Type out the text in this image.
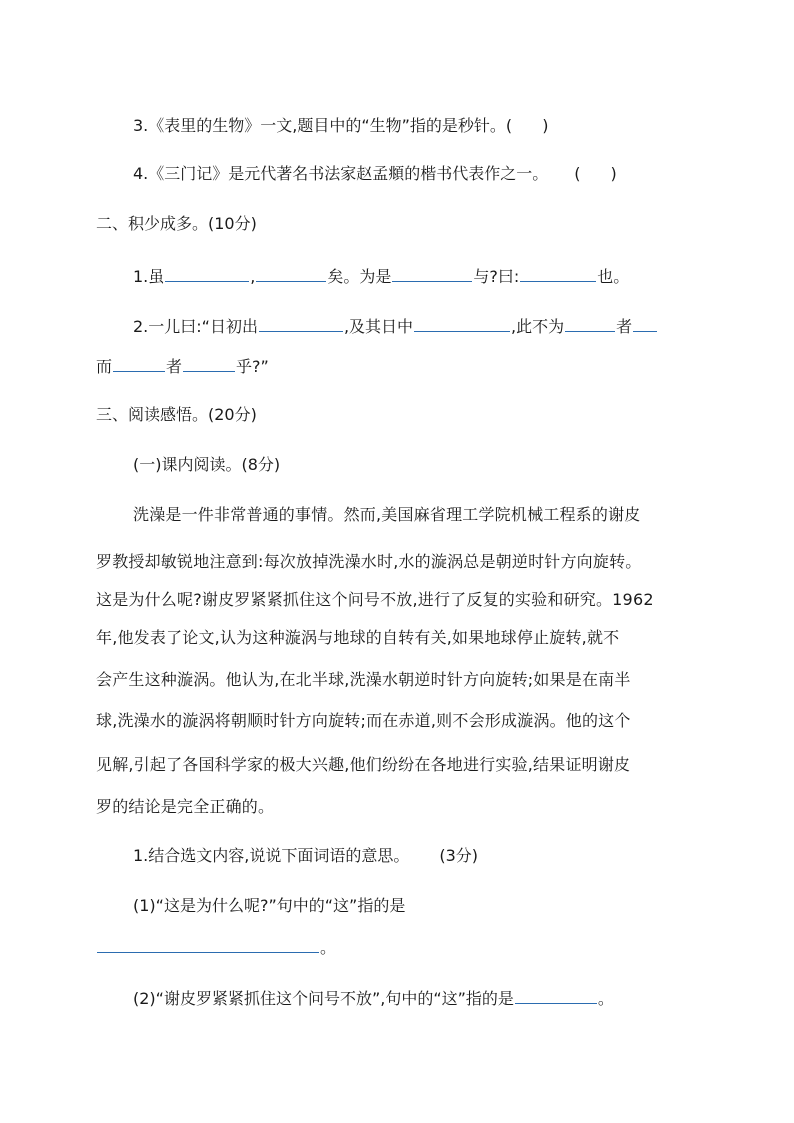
3.《表里的生物》一文,题目中的“生物”指的是秒针。( )
4.《三门记》是元代著名书法家赵孟頫的楷书代表作之一。 ( )
二、积少成多。(10分)
1.虽	,	矣。为是	与?曰:	也。
2.一儿曰:“日初出	,及其日中	,此不为	者
而	者	乎?”
三、阅读感悟。(20分)
(一)课内阅读。(8分)
洗澡是一件非常普通的事情。然而,美国麻省理工学院机械工程系的谢皮
罗教授却敏锐地注意到:每次放掉洗澡水时,水的漩涡总是朝逆时针方向旋转。
这是为什么呢?谢皮罗紧紧抓住这个问号不放,进行了反复的实验和研究。1962
年,他发表了论文,认为这种漩涡与地球的自转有关,如果地球停止旋转,就不
会产生这种漩涡。他认为,在北半球,洗澡水朝逆时针方向旋转;如果是在南半
球,洗澡水的漩涡将朝顺时针方向旋转;而在赤道,则不会形成漩涡。他的这个
见解,引起了各国科学家的极大兴趣,他们纷纷在各地进行实验,结果证明谢皮
罗的结论是完全正确的。
1.结合选文内容,说说下面词语的意思。 (3分)
(1)“这是为什么呢?”句中的“这”指的是
。
(2)“谢皮罗紧紧抓住这个问号不放”,句中的“这”指的是	。
